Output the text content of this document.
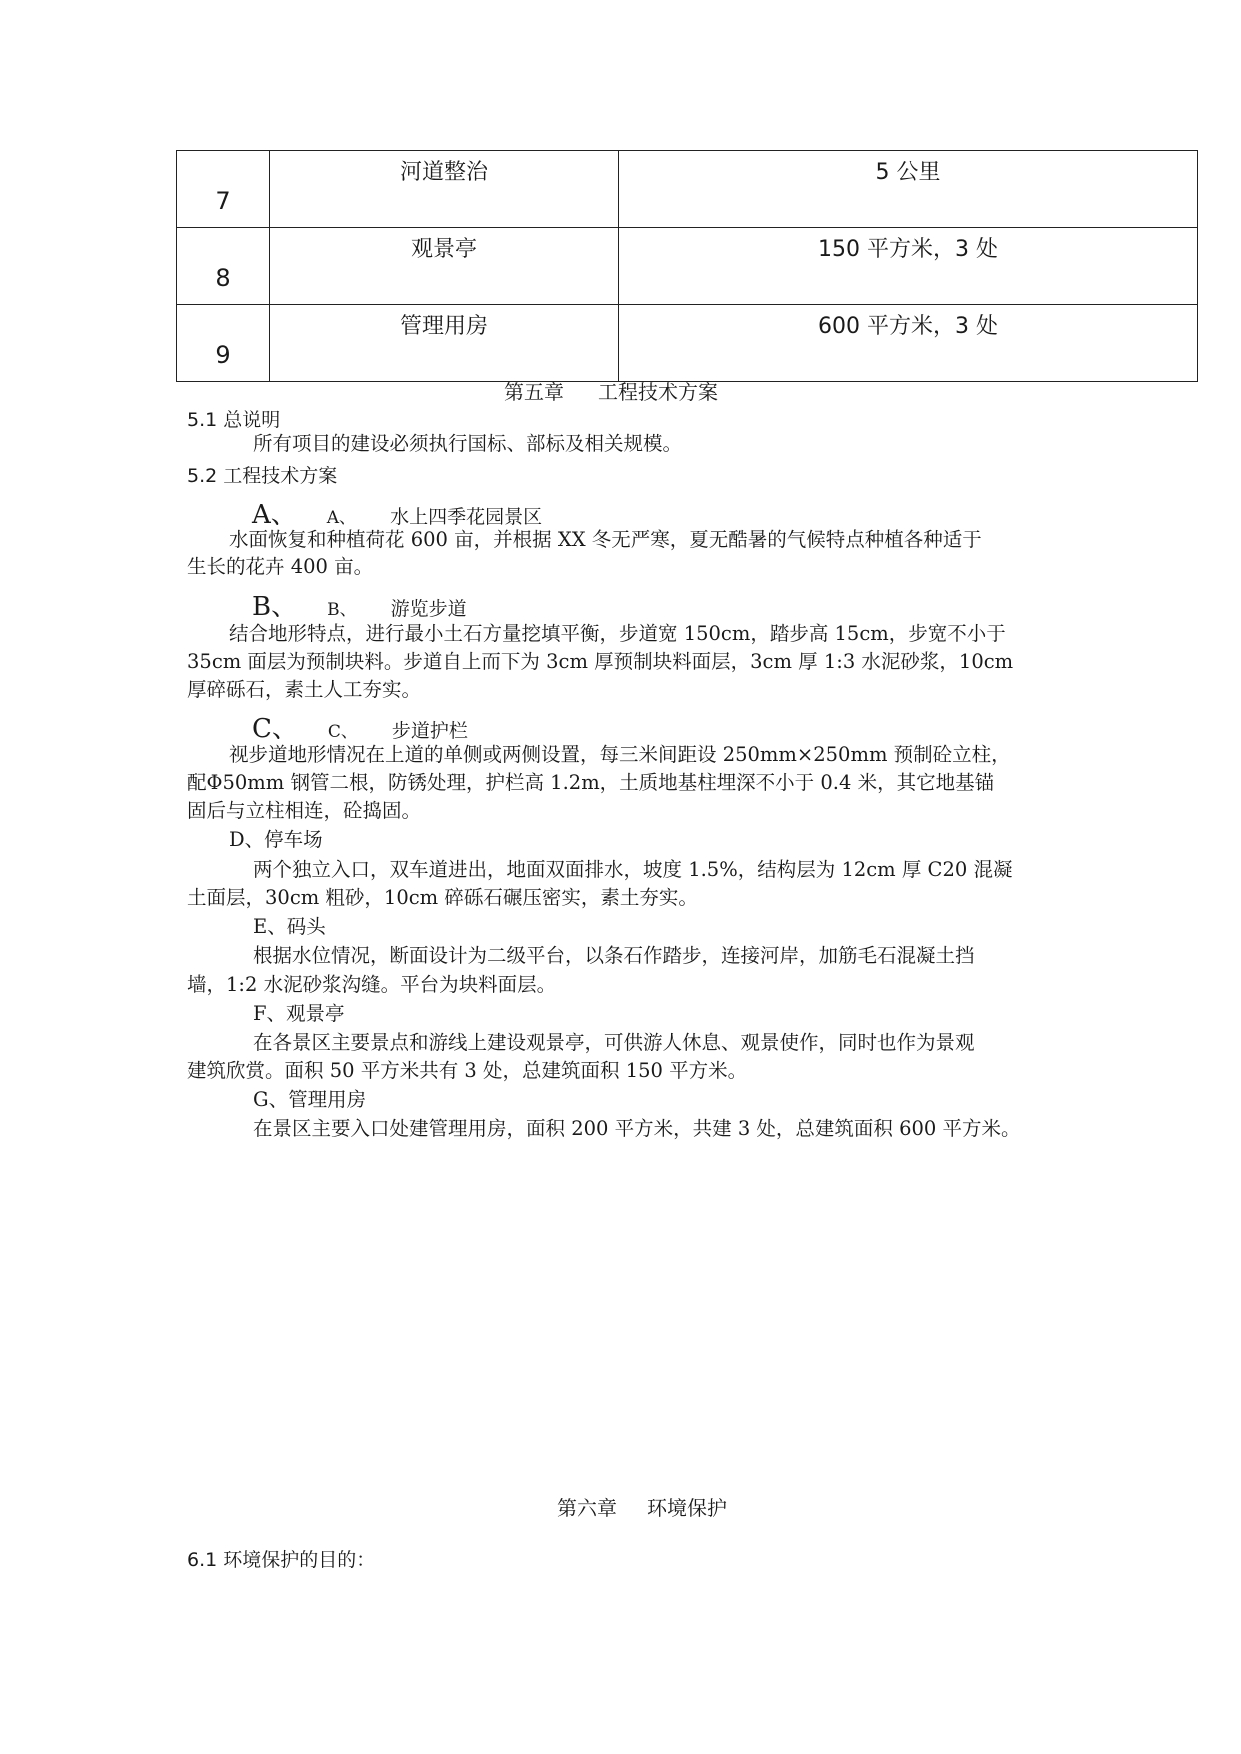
7	河道整治	5 公里
8	观景亭	150 平方米，3 处
9	管理用房	600 平方米，3 处
第五章 工程技术方案
5.1 总说明
所有项目的建设必须执行国标、部标及相关规模。
5.2 工程技术方案
A、 A、 水上四季花园景区
水面恢复和种植荷花 600 亩，并根据 XX 冬无严寒，夏无酷暑的气候特点种植各种适于
生长的花卉 400 亩。
B、 B、 游览步道
结合地形特点，进行最小土石方量挖填平衡，步道宽 150cm，踏步高 15cm，步宽不小于
35cm 面层为预制块料。步道自上而下为 3cm 厚预制块料面层，3cm 厚 1:3 水泥砂浆，10cm
厚碎砾石，素土人工夯实。
C、 C、 步道护栏
视步道地形情况在上道的单侧或两侧设置，每三米间距设 250mm×250mm 预制砼立柱，
配Φ50mm 钢管二根，防锈处理，护栏高 1.2m，土质地基柱埋深不小于 0.4 米，其它地基锚
固后与立柱相连，砼捣固。
D、停车场
两个独立入口，双车道进出，地面双面排水，坡度 1.5%，结构层为 12cm 厚 C20 混凝
土面层，30cm 粗砂，10cm 碎砾石碾压密实，素土夯实。
E、码头
根据水位情况，断面设计为二级平台，以条石作踏步，连接河岸，加筋毛石混凝土挡
墙，1:2 水泥砂浆沟缝。平台为块料面层。
F、观景亭
在各景区主要景点和游线上建设观景亭，可供游人休息、观景使作，同时也作为景观
建筑欣赏。面积 50 平方米共有 3 处，总建筑面积 150 平方米。
G、管理用房
在景区主要入口处建管理用房，面积 200 平方米，共建 3 处，总建筑面积 600 平方米。
第六章 环境保护
6.1 环境保护的目的：
